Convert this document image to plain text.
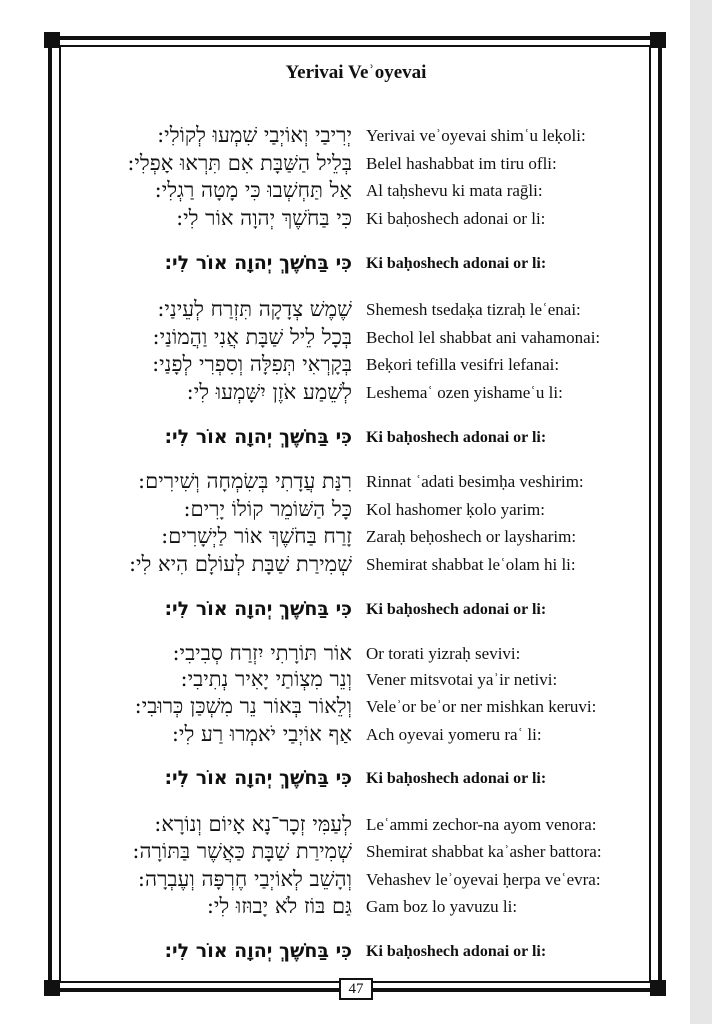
Yerivai Veʾoyevai
יְרִיבַי וְאוֹיְבַי שִׁמְעוּ לְקוֹלִי: Yerivai veʾoyevai shimʿu leḳoli:
בְּלֵיל הַשַּׁבָּת אִם תִּרְאוּ אָפְלִי: Belel hashabbat im tiru ofli:
אַל תַּחְשְׁבוּ כִּי מָטָה רַגְלִי: Al taḥshevu ki mata raḡli:
כִּי בַּחֹשֶׁךְ יְהוָה אוֹר לִי: Ki baḥoshech adonai or li:
כִּי בַּחֹשֶׁךְ יְהוָה אוֹר לִי: Ki baḥoshech adonai or li:
שֶׁמֶשׁ צְדָקָה תִּזְרַח לְעֵינַי: Shemesh tsedaḳa tizraḥ leʿenai:
בְּכָל לֵיל שַׁבָּת אֲנִי וַהֲמוֹנַי: Bechol lel shabbat ani vahamonai:
בְּקָרְאִי תְּפִלָּה וְסִפְרִי לְפָנַי: Beḳori tefilla vesifri lefanai:
לְשֵׁמַע אֹזֶן יִשָּׁמְעוּ לִי: Leshemaʿ ozen yishameʿu li:
כִּי בַּחֹשֶׁךְ יְהוָה אוֹר לִי: Ki baḥoshech adonai or li:
רִנַּת עֲדָתִי בְּשִׂמְחָה וְשִׁירִים: Rinnat ʿadati besimḥa veshirim:
כָּל הַשּׁוֹמֵר קוֹלוֹ יָרִים: Kol hashomer ḳolo yarim:
זָרַח בַּחֹשֶׁךְ אוֹר לַיְשָׁרִים: Zaraḥ beḥoshech or laysharim:
שְׁמִירַת שַׁבָּת לְעוֹלָם הִיא לִי: Shemirat shabbat leʿolam hi li:
כִּי בַּחֹשֶׁךְ יְהוָה אוֹר לִי: Ki baḥoshech adonai or li:
אוֹר תּוֹרָתִי יִזְרַח סְבִיבִי: Or torati yizraḥ sevivi:
וְנֵר מִצְוֹתַי יָאִיר נְתִיבִי: Vener mitsvotai yaʾir netivi:
וְלֵאוֹר בְּאוֹר נֵר מִשְׁכַּן כְּרוּבִי: Veleʾor beʾor ner mishkan keruvi:
אַף אוֹיְבַי יֹאמְרוּ רַע לִי: Ach oyevai yomeru raʿ li:
כִּי בַּחֹשֶׁךְ יְהוָה אוֹר לִי: Ki baḥoshech adonai or li:
לְעַמִּי זְכָר־נָא אָיוֹם וְנוֹרָא: Leʿammi zechor-na ayom venora:
שְׁמִירַת שַׁבָּת כַּאֲשֶׁר בַּתּוֹרָה: Shemirat shabbat kaʾasher battora:
וְהָשֵׁב לְאוֹיְבַי חֶרְפָּה וְעֶבְרָה: Vehashev leʾoyevai ḥerpa veʿevra:
גַּם בּוֹז לֹא יָבוּזוּ לִי: Gam boz lo yavuzu li:
כִּי בַּחֹשֶׁךְ יְהוָה אוֹר לִי: Ki baḥoshech adonai or li:
47
